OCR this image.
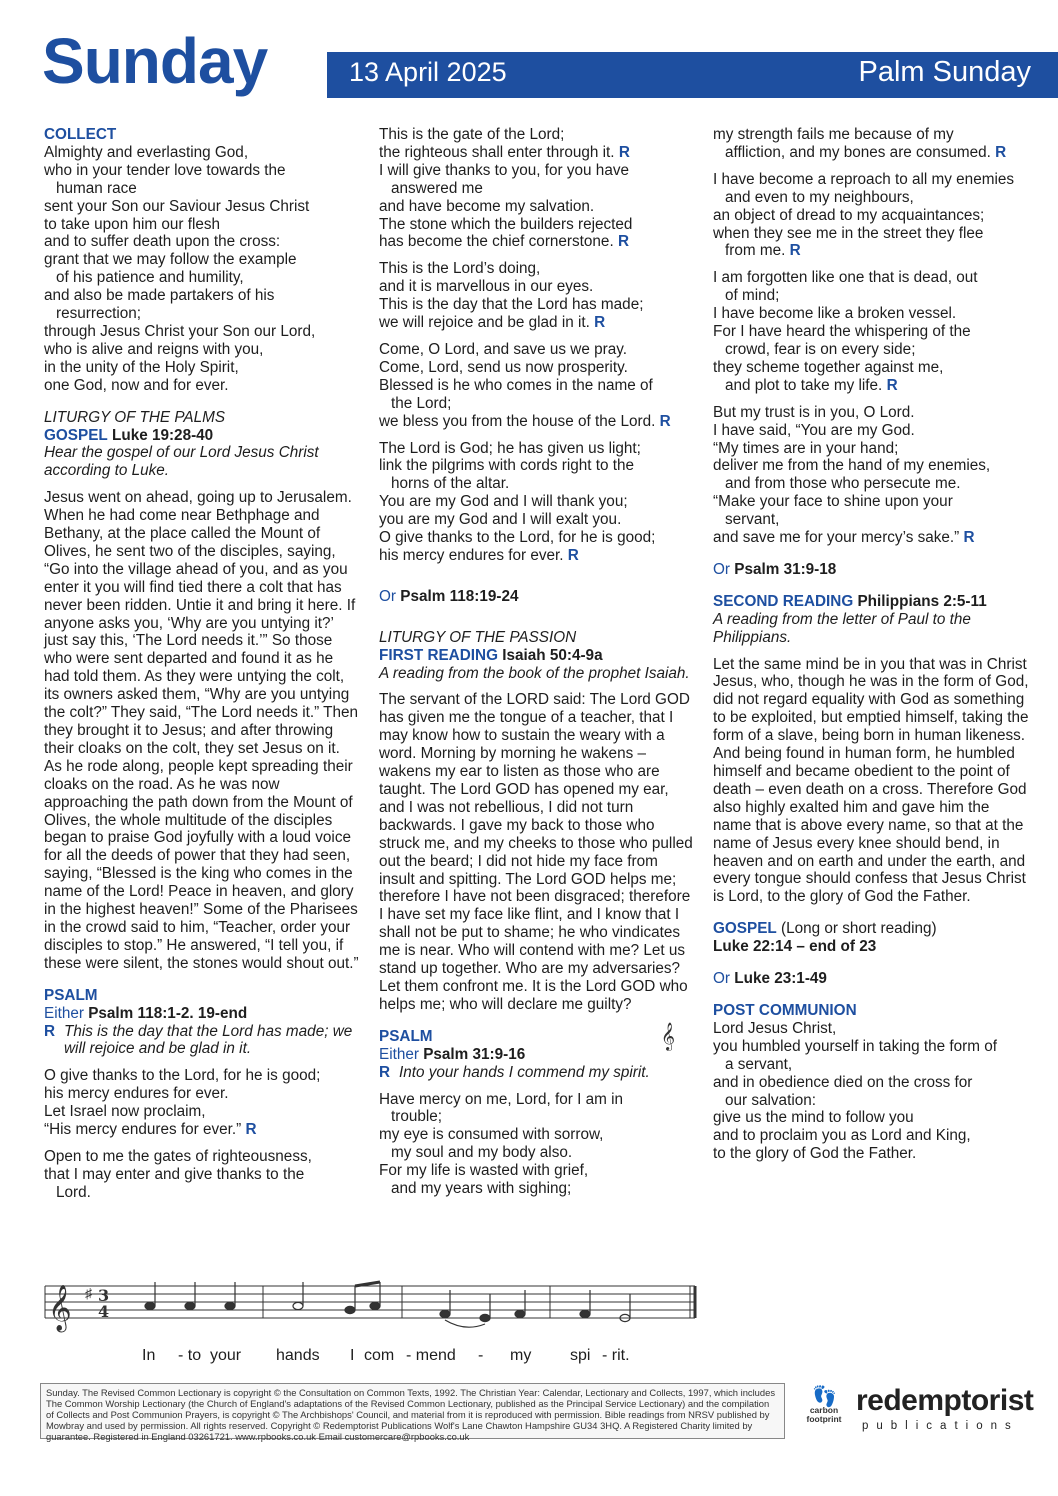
Sunday	13 April 2025	Palm Sunday

COLLECT

Almighty and everlasting God,

who in your tender love towards the

human race

sent your Son our Saviour Jesus Christ

to take upon him our flesh

and to suffer death upon the cross:

grant that we may follow the example

of his patience and humility,

and also be made partakers of his

resurrection;

through Jesus Christ your Son our Lord,

who is alive and reigns with you,

in the unity of the Holy Spirit,

one God, now and for ever.

LITURGY OF THE PALMS

GOSPEL Luke 19:28-40

Hear the gospel of our Lord Jesus Christ according to Luke.

Jesus went on ahead, going up to Jerusalem. When he had come near Bethphage and Bethany, at the place called the Mount of Olives, he sent two of the disciples, saying, “Go into the village ahead of you, and as you enter it you will find tied there a colt that has never been ridden. Untie it and bring it here. If anyone asks you, ‘Why are you untying it?’ just say this, ‘The Lord needs it.’” So those who were sent departed and found it as he had told them. As they were untying the colt, its owners asked them, “Why are you untying the colt?” They said, “The Lord needs it.” Then they brought it to Jesus; and after throwing their cloaks on the colt, they set Jesus on it. As he rode along, people kept spreading their cloaks on the road. As he was now approaching the path down from the Mount of Olives, the whole multitude of the disciples began to praise God joyfully with a loud voice for all the deeds of power that they had seen, saying, “Blessed is the king who comes in the name of the Lord! Peace in heaven, and glory in the highest heaven!” Some of the Pharisees in the crowd said to him, “Teacher, order your disciples to stop.” He answered, “I tell you, if these were silent, the stones would shout out.”

PSALM

Either Psalm 118:1-2. 19-end

R This is the day that the Lord has made; we will rejoice and be glad in it.

O give thanks to the Lord, for he is good;

his mercy endures for ever.

Let Israel now proclaim,

“His mercy endures for ever.” R

Open to me the gates of righteousness,

that I may enter and give thanks to the

Lord.

This is the gate of the Lord;

the righteous shall enter through it. R

I will give thanks to you, for you have

answered me

and have become my salvation.

The stone which the builders rejected

has become the chief cornerstone. R

This is the Lord’s doing,

and it is marvellous in our eyes.

This is the day that the Lord has made;

we will rejoice and be glad in it. R

Come, O Lord, and save us we pray.

Come, Lord, send us now prosperity.

Blessed is he who comes in the name of

the Lord;

we bless you from the house of the Lord. R

The Lord is God; he has given us light;

link the pilgrims with cords right to the

horns of the altar.

You are my God and I will thank you;

you are my God and I will exalt you.

O give thanks to the Lord, for he is good;

his mercy endures for ever. R

Or Psalm 118:19-24

LITURGY OF THE PASSION

FIRST READING Isaiah 50:4-9a

A reading from the book of the prophet Isaiah.

The servant of the LORD said: The Lord GOD has given me the tongue of a teacher, that I may know how to sustain the weary with a word. Morning by morning he wakens – wakens my ear to listen as those who are taught. The Lord GOD has opened my ear, and I was not rebellious, I did not turn backwards. I gave my back to those who struck me, and my cheeks to those who pulled out the beard; I did not hide my face from insult and spitting. The Lord GOD helps me; therefore I have not been disgraced; therefore I have set my face like flint, and I know that I shall not be put to shame; he who vindicates me is near. Who will contend with me? Let us stand up together. Who are my adversaries? Let them confront me. It is the Lord GOD who helps me; who will declare me guilty?

𝄞

PSALM

Either Psalm 31:9-16

R Into your hands I commend my spirit.

Have mercy on me, Lord, for I am in

trouble;

my eye is consumed with sorrow,

my soul and my body also.

For my life is wasted with grief,

and my years with sighing;

my strength fails me because of my

affliction, and my bones are consumed. R

I have become a reproach to all my enemies

and even to my neighbours,

an object of dread to my acquaintances;

when they see me in the street they flee

from me. R

I am forgotten like one that is dead, out

of mind;

I have become like a broken vessel.

For I have heard the whispering of the

crowd, fear is on every side;

they scheme together against me,

and plot to take my life. R

But my trust is in you, O Lord.

I have said, “You are my God.

“My times are in your hand;

deliver me from the hand of my enemies,

and from those who persecute me.

“Make your face to shine upon your

servant,

and save me for your mercy’s sake.” R

Or Psalm 31:9-18

SECOND READING Philippians 2:5-11

A reading from the letter of Paul to the Philippians.

Let the same mind be in you that was in Christ Jesus, who, though he was in the form of God, did not regard equality with God as something to be exploited, but emptied himself, taking the form of a slave, being born in human likeness. And being found in human form, he humbled himself and became obedient to the point of death – even death on a cross. Therefore God also highly exalted him and gave him the name that is above every name, so that at the name of Jesus every knee should bend, in heaven and on earth and under the earth, and every tongue should confess that Jesus Christ is Lord, to the glory of God the Father.

GOSPEL (Long or short reading)

Luke 22:14 – end of 23

Or Luke 23:1-49

POST COMMUNION

Lord Jesus Christ,

you humbled yourself in taking the form of

a servant,

and in obedience died on the cross for

our salvation:

give us the mind to follow you

and to proclaim you as Lord and King,

to the glory of God the Father.

𝄞 ♯ 3
4
In - to your hands I com - mend - my spi - rit.
Sunday. The Revised Common Lectionary is copyright © the Consultation on Common Texts, 1992. The Christian Year: Calendar, Lectionary and Collects, 1997, which includes The Common Worship Lectionary (the Church of England's adaptations of the Revised Common Lectionary, published as the Principal Service Lectionary) and the compilation of Collects and Post Communion Prayers, is copyright © The Archbishops' Council, and material from it is reproduced with permission. Bible readings from NRSV published by Mowbray and used by permission. All rights reserved. Copyright © Redemptorist Publications Wolf's Lane Chawton Hampshire GU34 3HQ. A Registered Charity limited by guarantee. Registered in England 03261721. www.rpbooks.co.uk Email customercare@rpbooks.co.uk
👣
carbon footprint
redemptorist
publications
